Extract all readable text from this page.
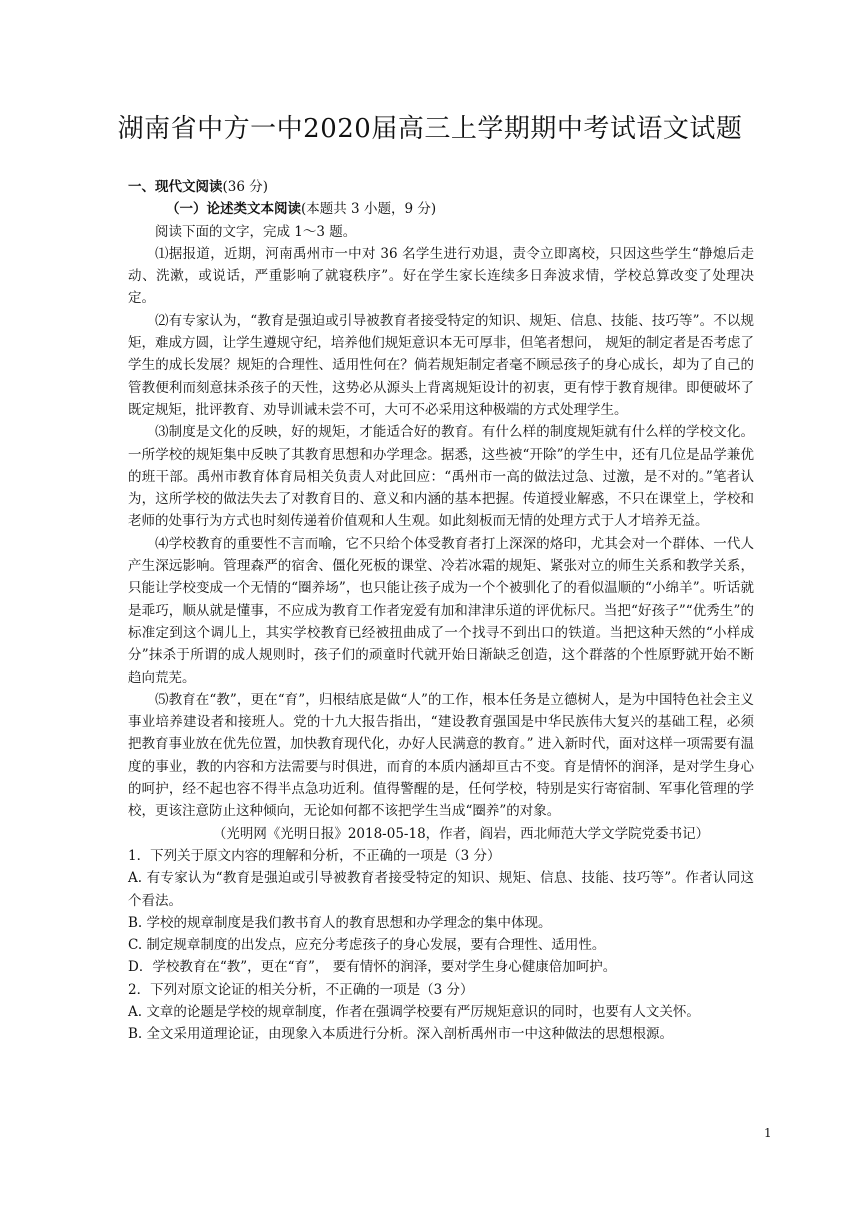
湖南省中方一中2020届高三上学期期中考试语文试题

一、现代文阅读(36 分)

（一）论述类文本阅读(本题共 3 小题，9 分)

阅读下面的文字，完成 1～3 题。

⑴据报道，近期，河南禹州市一中对 36 名学生进行劝退，责令立即离校，只因这些学生“静熄后走动、洗漱，或说话，严重影响了就寝秩序”。好在学生家长连续多日奔波求情，学校总算改变了处理决定。

⑵有专家认为，“教育是强迫或引导被教育者接受特定的知识、规矩、信息、技能、技巧等”。不以规矩，难成方圆，让学生遵规守纪，培养他们规矩意识本无可厚非，但笔者想问， 规矩的制定者是否考虑了学生的成长发展？规矩的合理性、适用性何在？倘若规矩制定者毫不顾忌孩子的身心成长，却为了自己的管教便利而刻意抹杀孩子的天性，这势必从源头上背离规矩设计的初衷，更有悖于教育规律。即便破坏了既定规矩，批评教育、劝导训诫未尝不可，大可不必采用这种极端的方式处理学生。

⑶制度是文化的反映，好的规矩，才能适合好的教育。有什么样的制度规矩就有什么样的学校文化。一所学校的规矩集中反映了其教育思想和办学理念。据悉，这些被“开除”的学生中，还有几位是品学兼优的班干部。禹州市教育体育局相关负责人对此回应：“禹州市一高的做法过急、过激，是不对的。”笔者认为，这所学校的做法失去了对教育目的、意义和内涵的基本把握。传道授业解惑，不只在课堂上，学校和老师的处事行为方式也时刻传递着价值观和人生观。如此刻板而无情的处理方式于人才培养无益。

⑷学校教育的重要性不言而喻，它不只给个体受教育者打上深深的烙印，尤其会对一个群体、一代人产生深远影响。管理森严的宿舍、僵化死板的课堂、冷若冰霜的规矩、紧张对立的师生关系和教学关系，只能让学校变成一个无情的“圈养场”，也只能让孩子成为一个个被驯化了的看似温顺的“小绵羊”。听话就是乖巧，顺从就是懂事，不应成为教育工作者宠爱有加和津津乐道的评优标尺。当把“好孩子”“优秀生”的标准定到这个调儿上，其实学校教育已经被扭曲成了一个找寻不到出口的铁道。当把这种天然的“小样成分”抹杀于所谓的成人规则时，孩子们的顽童时代就开始日渐缺乏创造，这个群落的个性原野就开始不断趋向荒芜。

⑸教育在“教”，更在“育”，归根结底是做“人”的工作，根本任务是立德树人，是为中国特色社会主义事业培养建设者和接班人。党的十九大报告指出，“建设教育强国是中华民族伟大复兴的基础工程，必须把教育事业放在优先位置，加快教育现代化，办好人民满意的教育。” 进入新时代，面对这样一项需要有温度的事业，教的内容和方法需要与时俱进，而育的本质内涵却亘古不变。育是情怀的润泽，是对学生身心的呵护，经不起也容不得半点急功近利。值得警醒的是，任何学校，特别是实行寄宿制、军事化管理的学校，更该注意防止这种倾向，无论如何都不该把学生当成“圈养”的对象。

（光明网《光明日报》2018-05-18，作者，阎岩，西北师范大学文学院党委书记）

1．下列关于原文内容的理解和分析，不正确的一项是（3 分）

A. 有专家认为“教育是强迫或引导被教育者接受特定的知识、规矩、信息、技能、技巧等”。作者认同这个看法。

B. 学校的规章制度是我们教书育人的教育思想和办学理念的集中体现。

C. 制定规章制度的出发点，应充分考虑孩子的身心发展，要有合理性、适用性。

D．学校教育在“教”，更在“育”， 要有情怀的润泽，要对学生身心健康倍加呵护。

2．下列对原文论证的相关分析，不正确的一项是（3 分）

A. 文章的论题是学校的规章制度，作者在强调学校要有严厉规矩意识的同时，也要有人文关怀。

B. 全文采用道理论证，由现象入本质进行分析。深入剖析禹州市一中这种做法的思想根源。

1
